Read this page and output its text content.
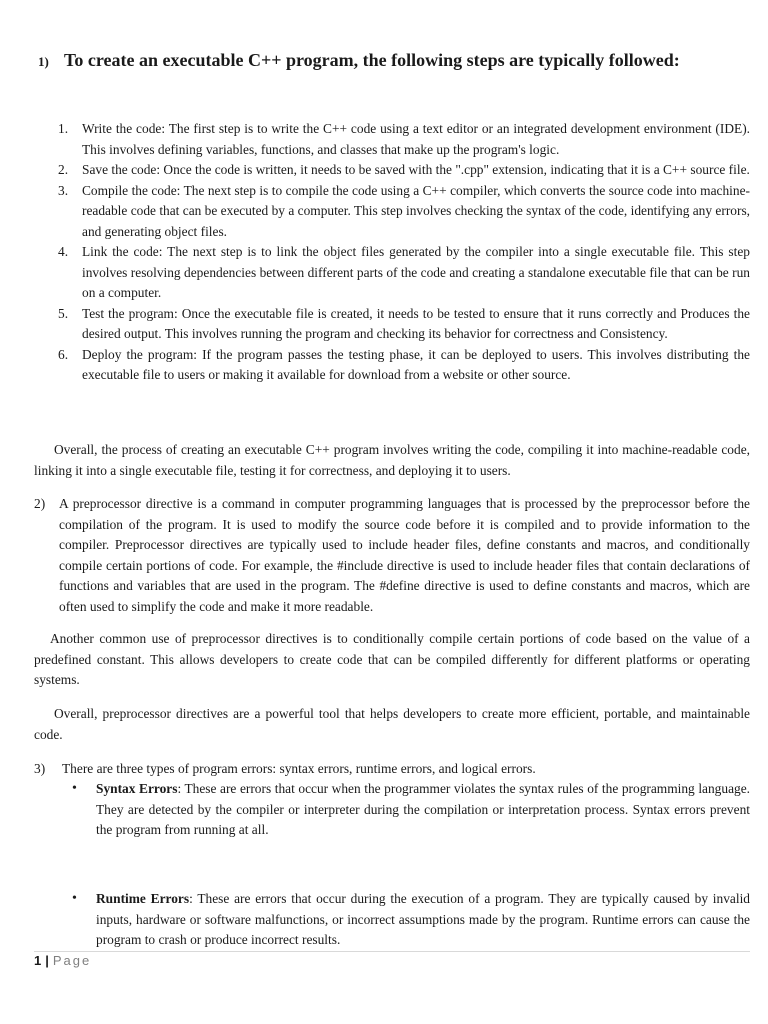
1) To create an executable C++ program, the following steps are typically followed:
1. Write the code: The first step is to write the C++ code using a text editor or an integrated development environment (IDE). This involves defining variables, functions, and classes that make up the program's logic.
2. Save the code: Once the code is written, it needs to be saved with the ".cpp" extension, indicating that it is a C++ source file.
3. Compile the code: The next step is to compile the code using a C++ compiler, which converts the source code into machine-readable code that can be executed by a computer. This step involves checking the syntax of the code, identifying any errors, and generating object files.
4. Link the code: The next step is to link the object files generated by the compiler into a single executable file. This step involves resolving dependencies between different parts of the code and creating a standalone executable file that can be run on a computer.
5. Test the program: Once the executable file is created, it needs to be tested to ensure that it runs correctly and Produces the desired output. This involves running the program and checking its behavior for correctness and Consistency.
6. Deploy the program: If the program passes the testing phase, it can be deployed to users. This involves distributing the executable file to users or making it available for download from a website or other source.

Overall, the process of creating an executable C++ program involves writing the code, compiling it into machine-readable code, linking it into a single executable file, testing it for correctness, and deploying it to users.

2)	A preprocessor directive is a command in computer programming languages that is processed by the preprocessor before the compilation of the program. It is used to modify the source code before it is compiled and to provide information to the compiler. Preprocessor directives are typically used to include header files, define constants and macros, and conditionally compile certain portions of code. For example, the #include directive is used to include header files that contain declarations of functions and variables that are used in the program. The #define directive is used to define constants and macros, which are often used to simplify the code and make it more readable.

Another common use of preprocessor directives is to conditionally compile certain portions of code based on the value of a predefined constant. This allows developers to create code that can be compiled differently for different platforms or operating systems.

Overall, preprocessor directives are a powerful tool that helps developers to create more efficient, portable, and maintainable code.

3)	There are three types of program errors: syntax errors, runtime errors, and logical errors.
• Syntax Errors: These are errors that occur when the programmer violates the syntax rules of the programming language. They are detected by the compiler or interpreter during the compilation or interpretation process. Syntax errors prevent the program from running at all.
• Runtime Errors: These are errors that occur during the execution of a program. They are typically caused by invalid inputs, hardware or software malfunctions, or incorrect assumptions made by the program. Runtime errors can cause the program to crash or produce incorrect results.
1 | Page
